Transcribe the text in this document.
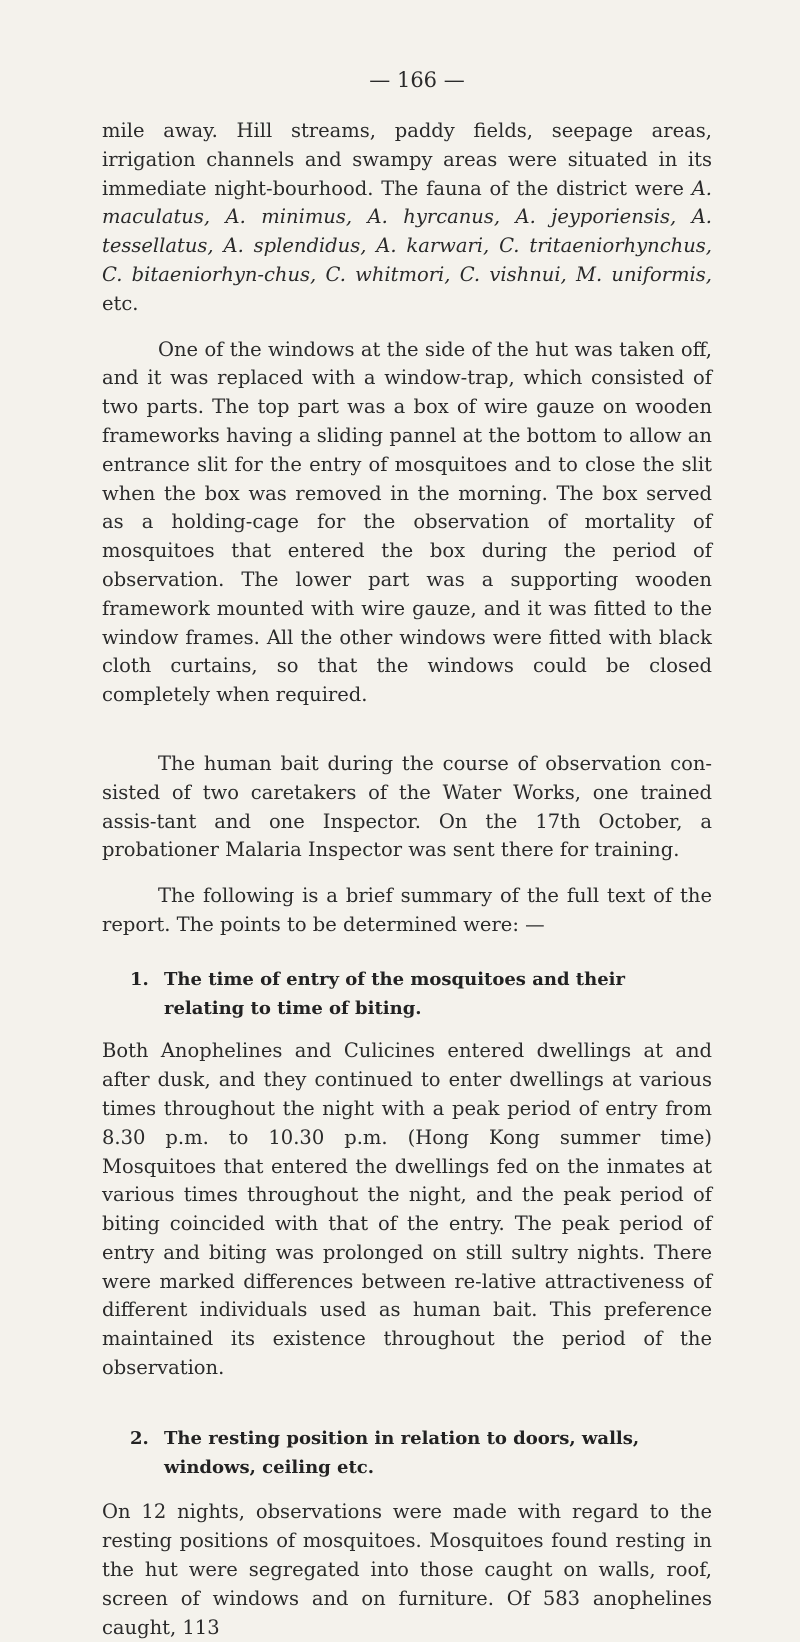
— 166 —

mile away. Hill streams, paddy fields, seepage areas, irrigation channels and swampy areas were situated in its immediate night-bourhood. The fauna of the district were A. maculatus, A. minimus, A. hyrcanus, A. jeyporiensis, A. tessellatus, A. splendidus, A. karwari, C. tritaeniorhynchus, C. bitaeniorhyn-chus, C. whitmori, C. vishnui, M. uniformis, etc.

One of the windows at the side of the hut was taken off, and it was replaced with a window-trap, which consisted of two parts. The top part was a box of wire gauze on wooden frameworks having a sliding pannel at the bottom to allow an entrance slit for the entry of mosquitoes and to close the slit when the box was removed in the morning. The box served as a holding-cage for the observation of mortality of mosquitoes that entered the box during the period of observation. The lower part was a supporting wooden framework mounted with wire gauze, and it was fitted to the window frames. All the other windows were fitted with black cloth curtains, so that the windows could be closed completely when required.

The human bait during the course of observation con-sisted of two caretakers of the Water Works, one trained assis-tant and one Inspector. On the 17th October, a probationer Malaria Inspector was sent there for training.

The following is a brief summary of the full text of the report. The points to be determined were: —

1. The time of entry of the mosquitoes and their
relating to time of biting.

Both Anophelines and Culicines entered dwellings at and after dusk, and they continued to enter dwellings at various times throughout the night with a peak period of entry from 8.30 p.m. to 10.30 p.m. (Hong Kong summer time) Mosquitoes that entered the dwellings fed on the inmates at various times throughout the night, and the peak period of biting coincided with that of the entry. The peak period of entry and biting was prolonged on still sultry nights. There were marked differences between re-lative attractiveness of different individuals used as human bait. This preference maintained its existence throughout the period of the observation.

2. The resting position in relation to doors, walls,
windows, ceiling etc.

On 12 nights, observations were made with regard to the resting positions of mosquitoes. Mosquitoes found resting in the hut were segregated into those caught on walls, roof, screen of windows and on furniture. Of 583 anophelines caught, 113
